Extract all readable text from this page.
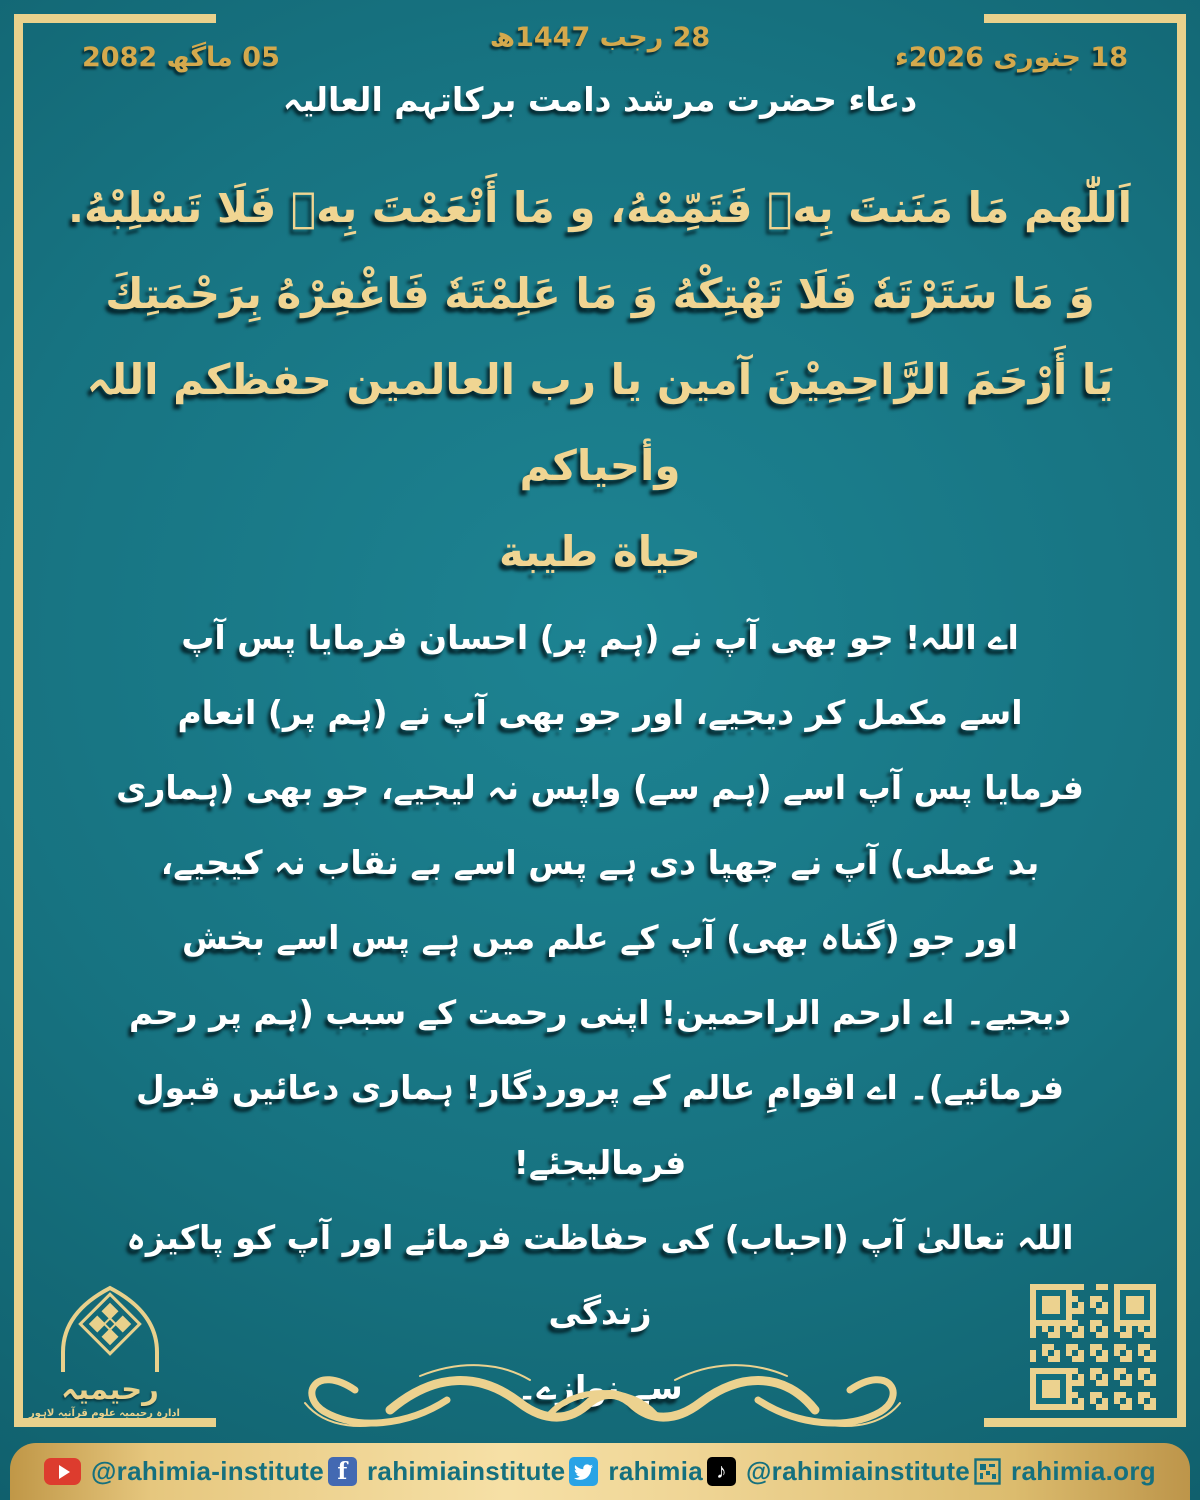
05 ماگھ 2082
28 رجب 1447ھ
18 جنوری 2026ء
دعاء حضرت مرشد دامت برکاتہم العالیہ
اَللّٰهم مَا مَنَنتَ بِهٖ فَتَمِّمْهُ، و مَا أَنْعَمْتَ بِهٖ فَلَا تَسْلِبْهُ.
وَ مَا سَتَرْتَهٗ فَلَا تَهْتِكْهُ وَ مَا عَلِمْتَهٗ فَاغْفِرْهُ بِرَحْمَتِكَ
یَا أَرْحَمَ الرَّاحِمِیْنَ آمین یا رب العالمین حفظکم اللہ وأحیاکم
حیاة طیبة
اے اللہ! جو بھی آپ نے (ہم پر) احسان فرمایا پس آپ
اسے مکمل کر دیجیے، اور جو بھی آپ نے (ہم پر) انعام
فرمایا پس آپ اسے (ہم سے) واپس نہ لیجیے، جو بھی (ہماری
بد عملی) آپ نے چھپا دی ہے پس اسے بے نقاب نہ کیجیے،
اور جو (گناہ بھی) آپ کے علم میں ہے پس اسے بخش
دیجیے۔ اے ارحم الراحمین! اپنی رحمت کے سبب (ہم پر رحم
فرمائیے)۔ اے اقوامِ عالم کے پروردگار! ہماری دعائیں قبول فرمالیجئے!
اللہ تعالیٰ آپ (احباب) کی حفاظت فرمائے اور آپ کو پاکیزہ زندگی
سے نوازے۔
رحیمیہ
ادارہ رحیمیہ علومِ قرآنیہ لاہور
@rahimia-institute f rahimiainstitute rahimia ♪ @rahimiainstitute rahimia.org
